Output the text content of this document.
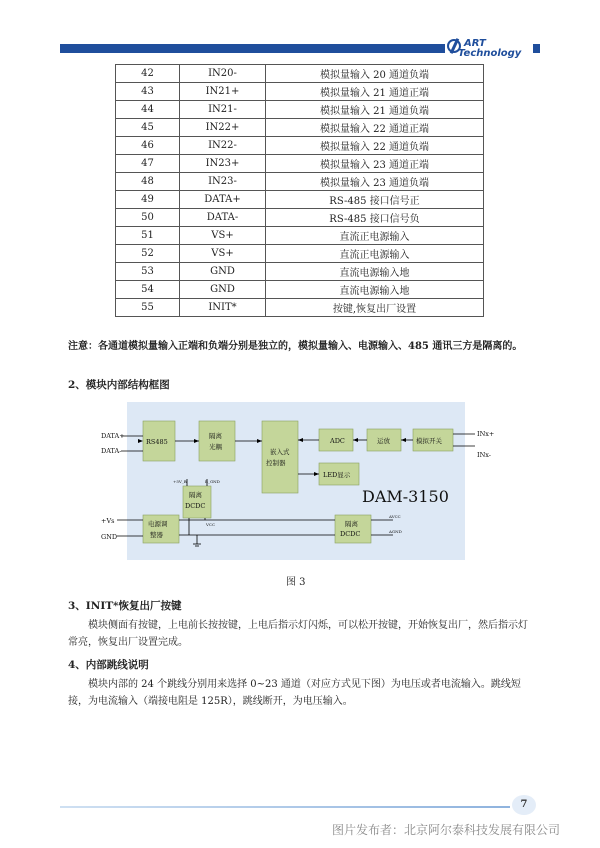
ART
Technology
42	IN20-	模拟量输入 20 通道负端
43	IN21+	模拟量输入 21 通道正端
44	IN21-	模拟量输入 21 通道负端
45	IN22+	模拟量输入 22 通道正端
46	IN22-	模拟量输入 22 通道负端
47	IN23+	模拟量输入 23 通道正端
48	IN23-	模拟量输入 23 通道负端
49	DATA+	RS-485 接口信号正
50	DATA-	RS-485 接口信号负
51	VS+	直流正电源输入
52	VS+	直流正电源输入
53	GND	直流电源输入地
54	GND	直流电源输入地
55	INIT*	按键,恢复出厂设置
注意：各通道模拟量输入正端和负端分别是独立的，模拟量输入、电源输入、485 通讯三方是隔离的。
2、模块内部结构框图
DATA+
DATA-
INx+
INx-
+Vs
GND
RS485
隔离
光耦
嵌入式
控制器
ADC	运放	模拟开关
LED显示
隔离
DCDC
电源调
整器
隔离
DCDC
+5V_B	B_GND
VCC
AVCC
AGND
DAM-3150
图 3
3、INIT*恢复出厂按键
模块侧面有按键，上电前长按按键，上电后指示灯闪烁，可以松开按键，开始恢复出厂，然后指示灯常亮，恢复出厂设置完成。
4、内部跳线说明
模块内部的 24 个跳线分别用来选择 0~23 通道（对应方式见下图）为电压或者电流输入。跳线短接，为电流输入（端接电阻是 125R），跳线断开，为电压输入。
7
图片发布者：北京阿尔泰科技发展有限公司
